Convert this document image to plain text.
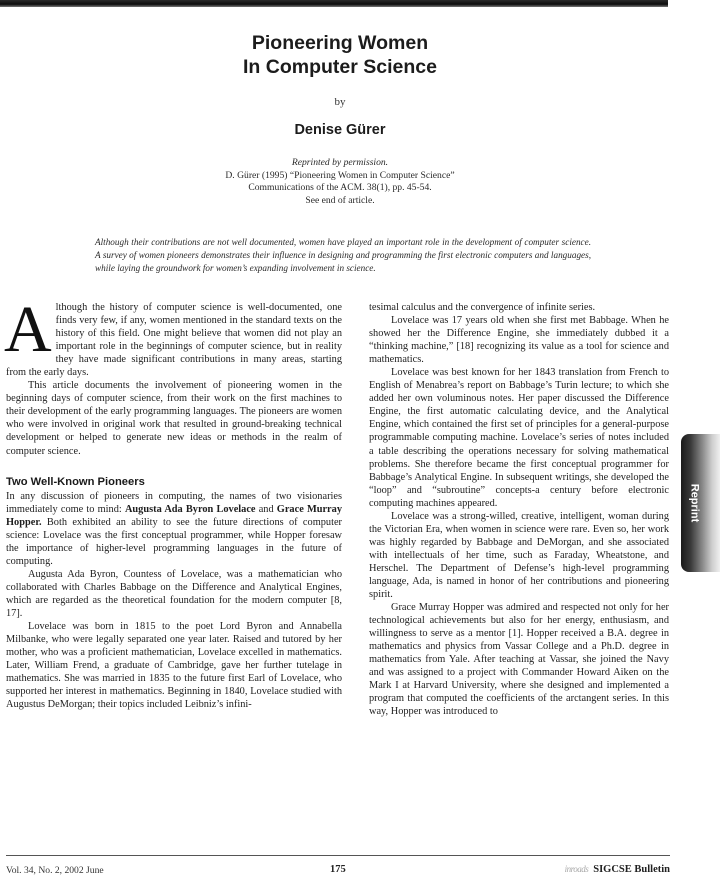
Pioneering Women
In Computer Science
by
Denise Gürer
Reprinted by permission.
D. Gürer (1995) “Pioneering Women in Computer Science”
Communications of the ACM. 38(1), pp. 45-54.
See end of article.
Although their contributions are not well documented, women have played an important role in the development of computer science. A survey of women pioneers demonstrates their influence in designing and programming the first electronic computers and languages, while laying the groundwork for women’s expanding involvement in science.

Although the history of computer science is well-documented, one finds very few, if any, women mentioned in the standard texts on the history of this field. One might believe that women did not play an important role in the beginnings of computer science, but in reality they have made significant contributions in many areas, starting from the early days.

This article documents the involvement of pioneering women in the beginning days of computer science, from their work on the first machines to their development of the early programming languages. The pioneers are women who were involved in original work that resulted in ground-breaking technical development or helped to generate new ideas or methods in the realm of computer science.

Two Well-Known Pioneers

In any discussion of pioneers in computing, the names of two visionaries immediately come to mind: Augusta Ada Byron Lovelace and Grace Murray Hopper. Both exhibited an ability to see the future directions of computer science: Lovelace was the first conceptual programmer, while Hopper foresaw the importance of higher-level programming languages in the future of computing.

Augusta Ada Byron, Countess of Lovelace, was a mathematician who collaborated with Charles Babbage on the Difference and Analytical Engines, which are regarded as the theoretical foundation for the modern computer [8, 17].

Lovelace was born in 1815 to the poet Lord Byron and Annabella Milbanke, who were legally separated one year later. Raised and tutored by her mother, who was a proficient mathematician, Lovelace excelled in mathematics. Later, William Frend, a graduate of Cambridge, gave her further tutelage in mathematics. She was married in 1835 to the future first Earl of Lovelace, who supported her interest in mathematics. Beginning in 1840, Lovelace studied with Augustus DeMorgan; their topics included Leibniz’s infini-

tesimal calculus and the convergence of infinite series.

Lovelace was 17 years old when she first met Babbage. When he showed her the Difference Engine, she immediately dubbed it a “thinking machine,” [18] recognizing its value as a tool for science and mathematics.

Lovelace was best known for her 1843 translation from French to English of Menabrea’s report on Babbage’s Turin lecture; to which she added her own voluminous notes. Her paper discussed the Difference Engine, the first automatic calculating device, and the Analytical Engine, which contained the first set of principles for a general-purpose programmable computing machine. Lovelace’s series of notes included a table describing the operations necessary for solving mathematical problems. She therefore became the first conceptual programmer for Babbage’s Analytical Engine. In subsequent writings, she developed the “loop” and “subroutine” concepts-a century before electronic computing machines appeared.

Lovelace was a strong-willed, creative, intelligent, woman during the Victorian Era, when women in science were rare. Even so, her work was highly regarded by Babbage and DeMorgan, and she associated with intellectuals of her time, such as Faraday, Wheatstone, and Herschel. The Department of Defense’s high-level programming language, Ada, is named in honor of her contributions and pioneering spirit.

Grace Murray Hopper was admired and respected not only for her technological achievements but also for her energy, enthusiasm, and willingness to serve as a mentor [1]. Hopper received a B.A. degree in mathematics and physics from Vassar College and a Ph.D. degree in mathematics from Yale. After teaching at Vassar, she joined the Navy and was assigned to a project with Commander Howard Aiken on the Mark I at Harvard University, where she designed and implemented a program that computed the coefficients of the arctangent series. In this way, Hopper was introduced to

Reprint
Vol. 34, No. 2, 2002 June	175	inroads SIGCSE Bulletin
